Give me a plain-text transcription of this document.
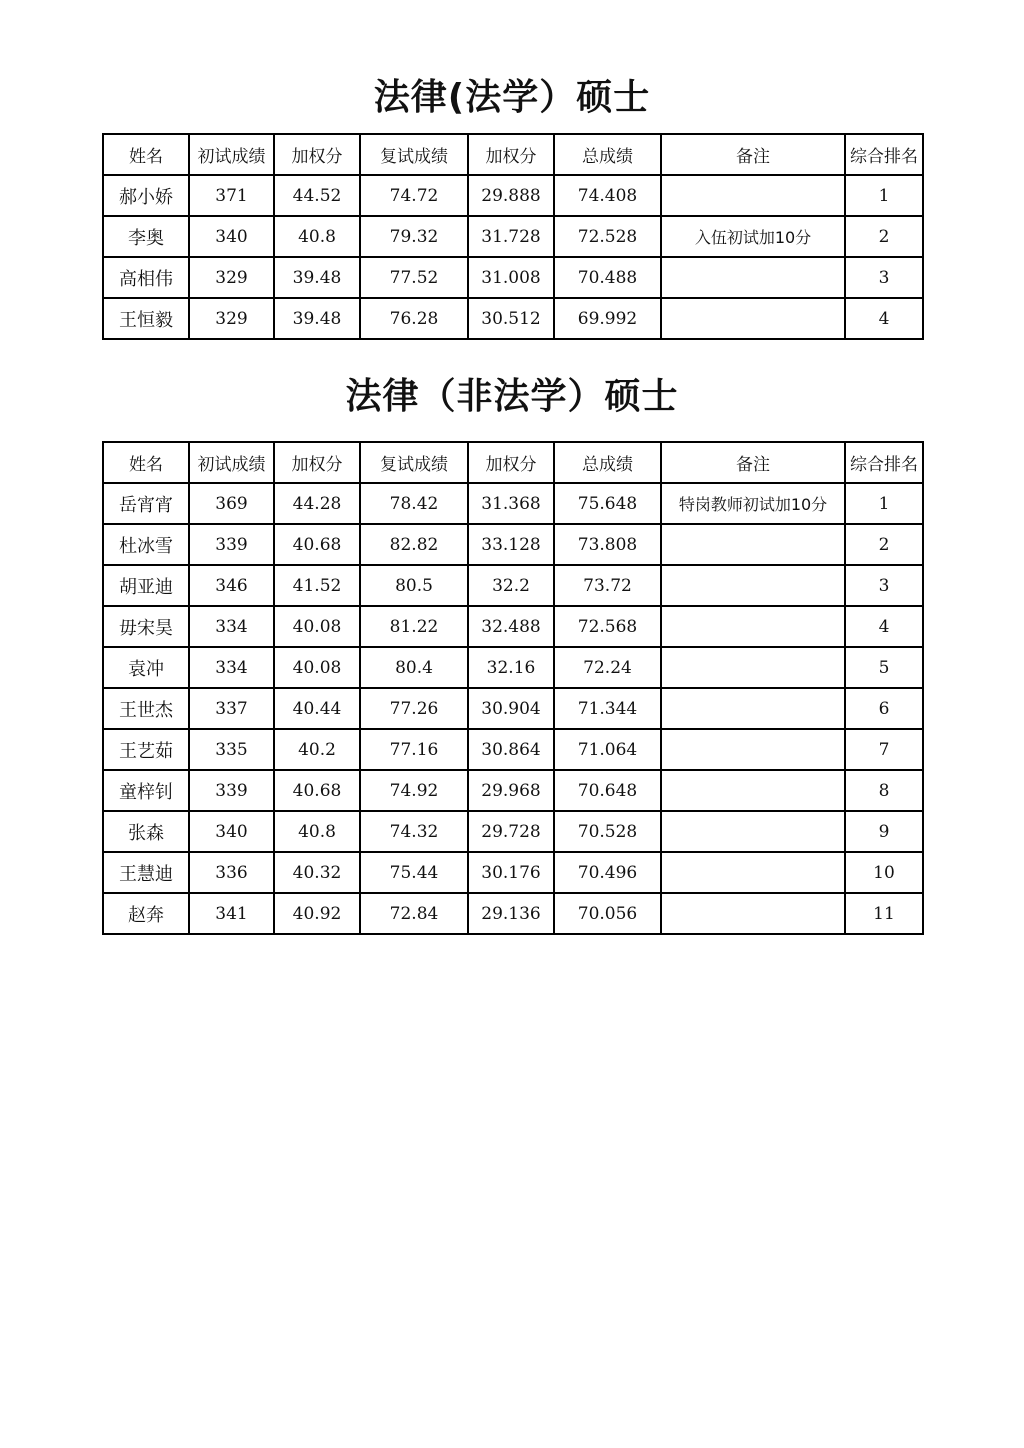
法律(法学）硕士
姓名	初试成绩	加权分	复试成绩	加权分	总成绩	备注	综合排名
郝小娇	371	44.52	74.72	29.888	74.408		1
李奥	340	40.8	79.32	31.728	72.528	入伍初试加10分	2
高相伟	329	39.48	77.52	31.008	70.488		3
王恒毅	329	39.48	76.28	30.512	69.992		4
法律（非法学）硕士
姓名	初试成绩	加权分	复试成绩	加权分	总成绩	备注	综合排名
岳宵宵	369	44.28	78.42	31.368	75.648	特岗教师初试加10分	1
杜冰雪	339	40.68	82.82	33.128	73.808		2
胡亚迪	346	41.52	80.5	32.2	73.72		3
毋宋昊	334	40.08	81.22	32.488	72.568		4
袁冲	334	40.08	80.4	32.16	72.24		5
王世杰	337	40.44	77.26	30.904	71.344		6
王艺茹	335	40.2	77.16	30.864	71.064		7
童梓钊	339	40.68	74.92	29.968	70.648		8
张森	340	40.8	74.32	29.728	70.528		9
王慧迪	336	40.32	75.44	30.176	70.496		10
赵奔	341	40.92	72.84	29.136	70.056		11
